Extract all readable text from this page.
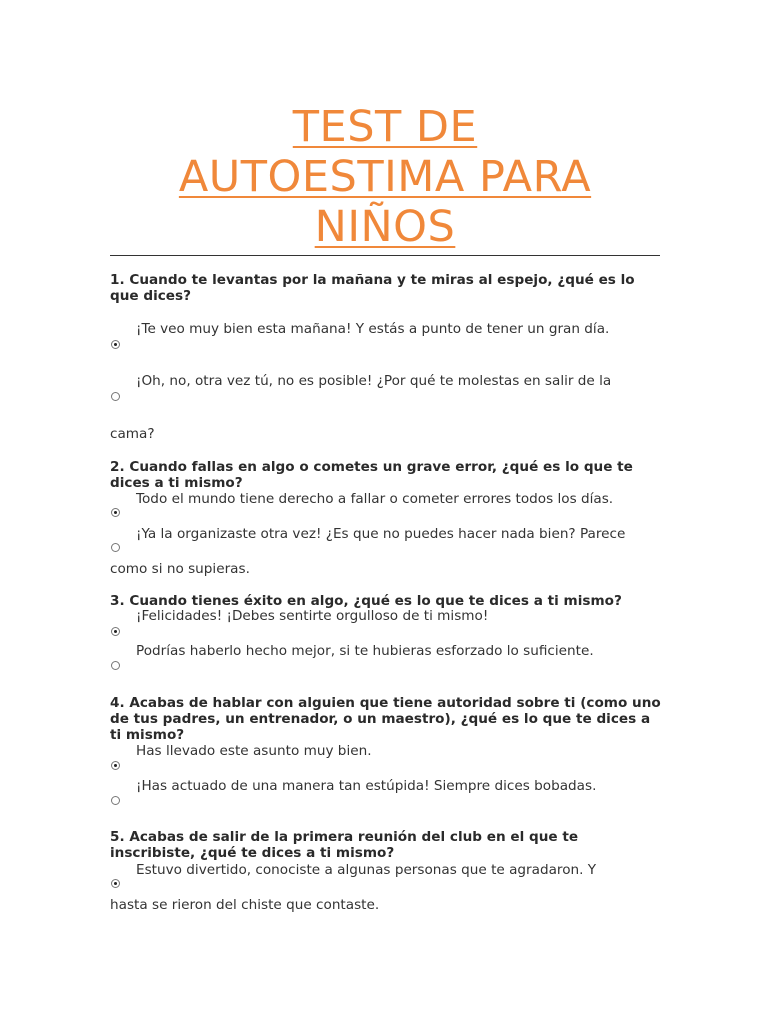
TEST DE
AUTOESTIMA PARA
NIÑOS

1. Cuando te levantas por la mañana y te miras al espejo, ¿qué es lo que dices?

¡Te veo muy bien esta mañana! Y estás a punto de tener un gran día.
¡Oh, no, otra vez tú, no es posible! ¿Por qué te molestas en salir de la
cama?

2. Cuando fallas en algo o cometes un grave error, ¿qué es lo que te dices a ti mismo?

Todo el mundo tiene derecho a fallar o cometer errores todos los días.
¡Ya la organizaste otra vez! ¿Es que no puedes hacer nada bien? Parece
como si no supieras.

3. Cuando tienes éxito en algo, ¿qué es lo que te dices a ti mismo?

¡Felicidades! ¡Debes sentirte orgulloso de ti mismo!
Podrías haberlo hecho mejor, si te hubieras esforzado lo suficiente.

4. Acabas de hablar con alguien que tiene autoridad sobre ti (como uno de tus padres, un entrenador, o un maestro), ¿qué es lo que te dices a ti mismo?

Has llevado este asunto muy bien.
¡Has actuado de una manera tan estúpida! Siempre dices bobadas.

5. Acabas de salir de la primera reunión del club en el que te inscribiste, ¿qué te dices a ti mismo?

Estuvo divertido, conociste a algunas personas que te agradaron. Y
hasta se rieron del chiste que contaste.
